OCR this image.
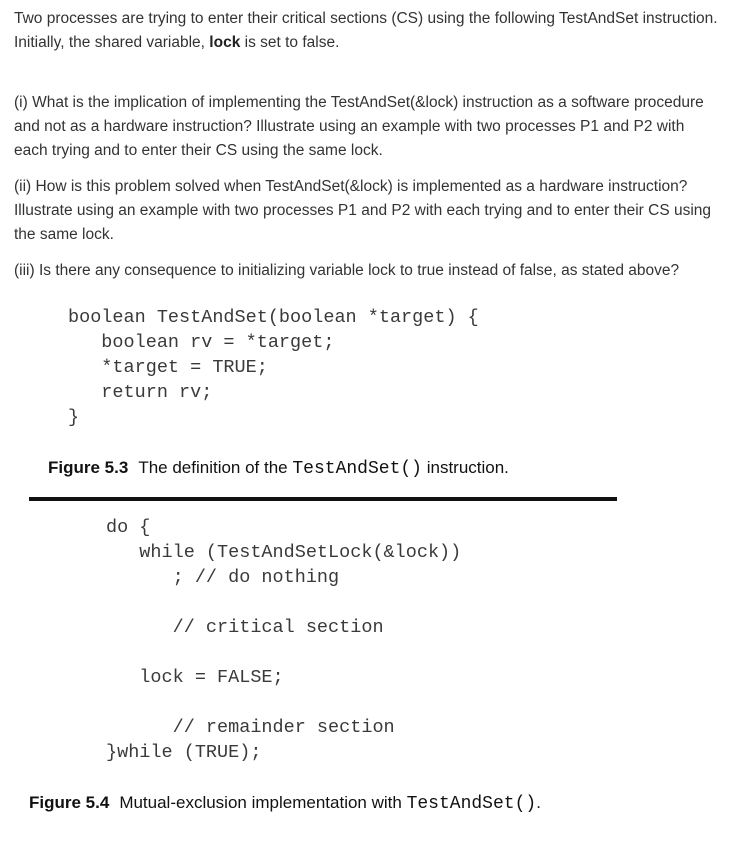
Two processes are trying to enter their critical sections (CS) using the following TestAndSet instruction. Initially, the shared variable, lock is set to false.
(i) What is the implication of implementing the TestAndSet(&lock) instruction as a software procedure and not as a hardware instruction? Illustrate using an example with two processes P1 and P2 with each trying and to enter their CS using the same lock.
(ii) How is this problem solved when TestAndSet(&lock) is implemented as a hardware instruction? Illustrate using an example with two processes P1 and P2 with each trying and to enter their CS using the same lock.
(iii) Is there any consequence to initializing variable lock to true instead of false, as stated above?
boolean TestAndSet(boolean *target) {
boolean rv = *target;
*target = TRUE;
return rv;
}
Figure 5.3 The definition of the TestAndSet() instruction.
do {
while (TestAndSetLock(&lock))
; // do nothing

// critical section

lock = FALSE;

// remainder section
}while (TRUE);
Figure 5.4 Mutual-exclusion implementation with TestAndSet().
